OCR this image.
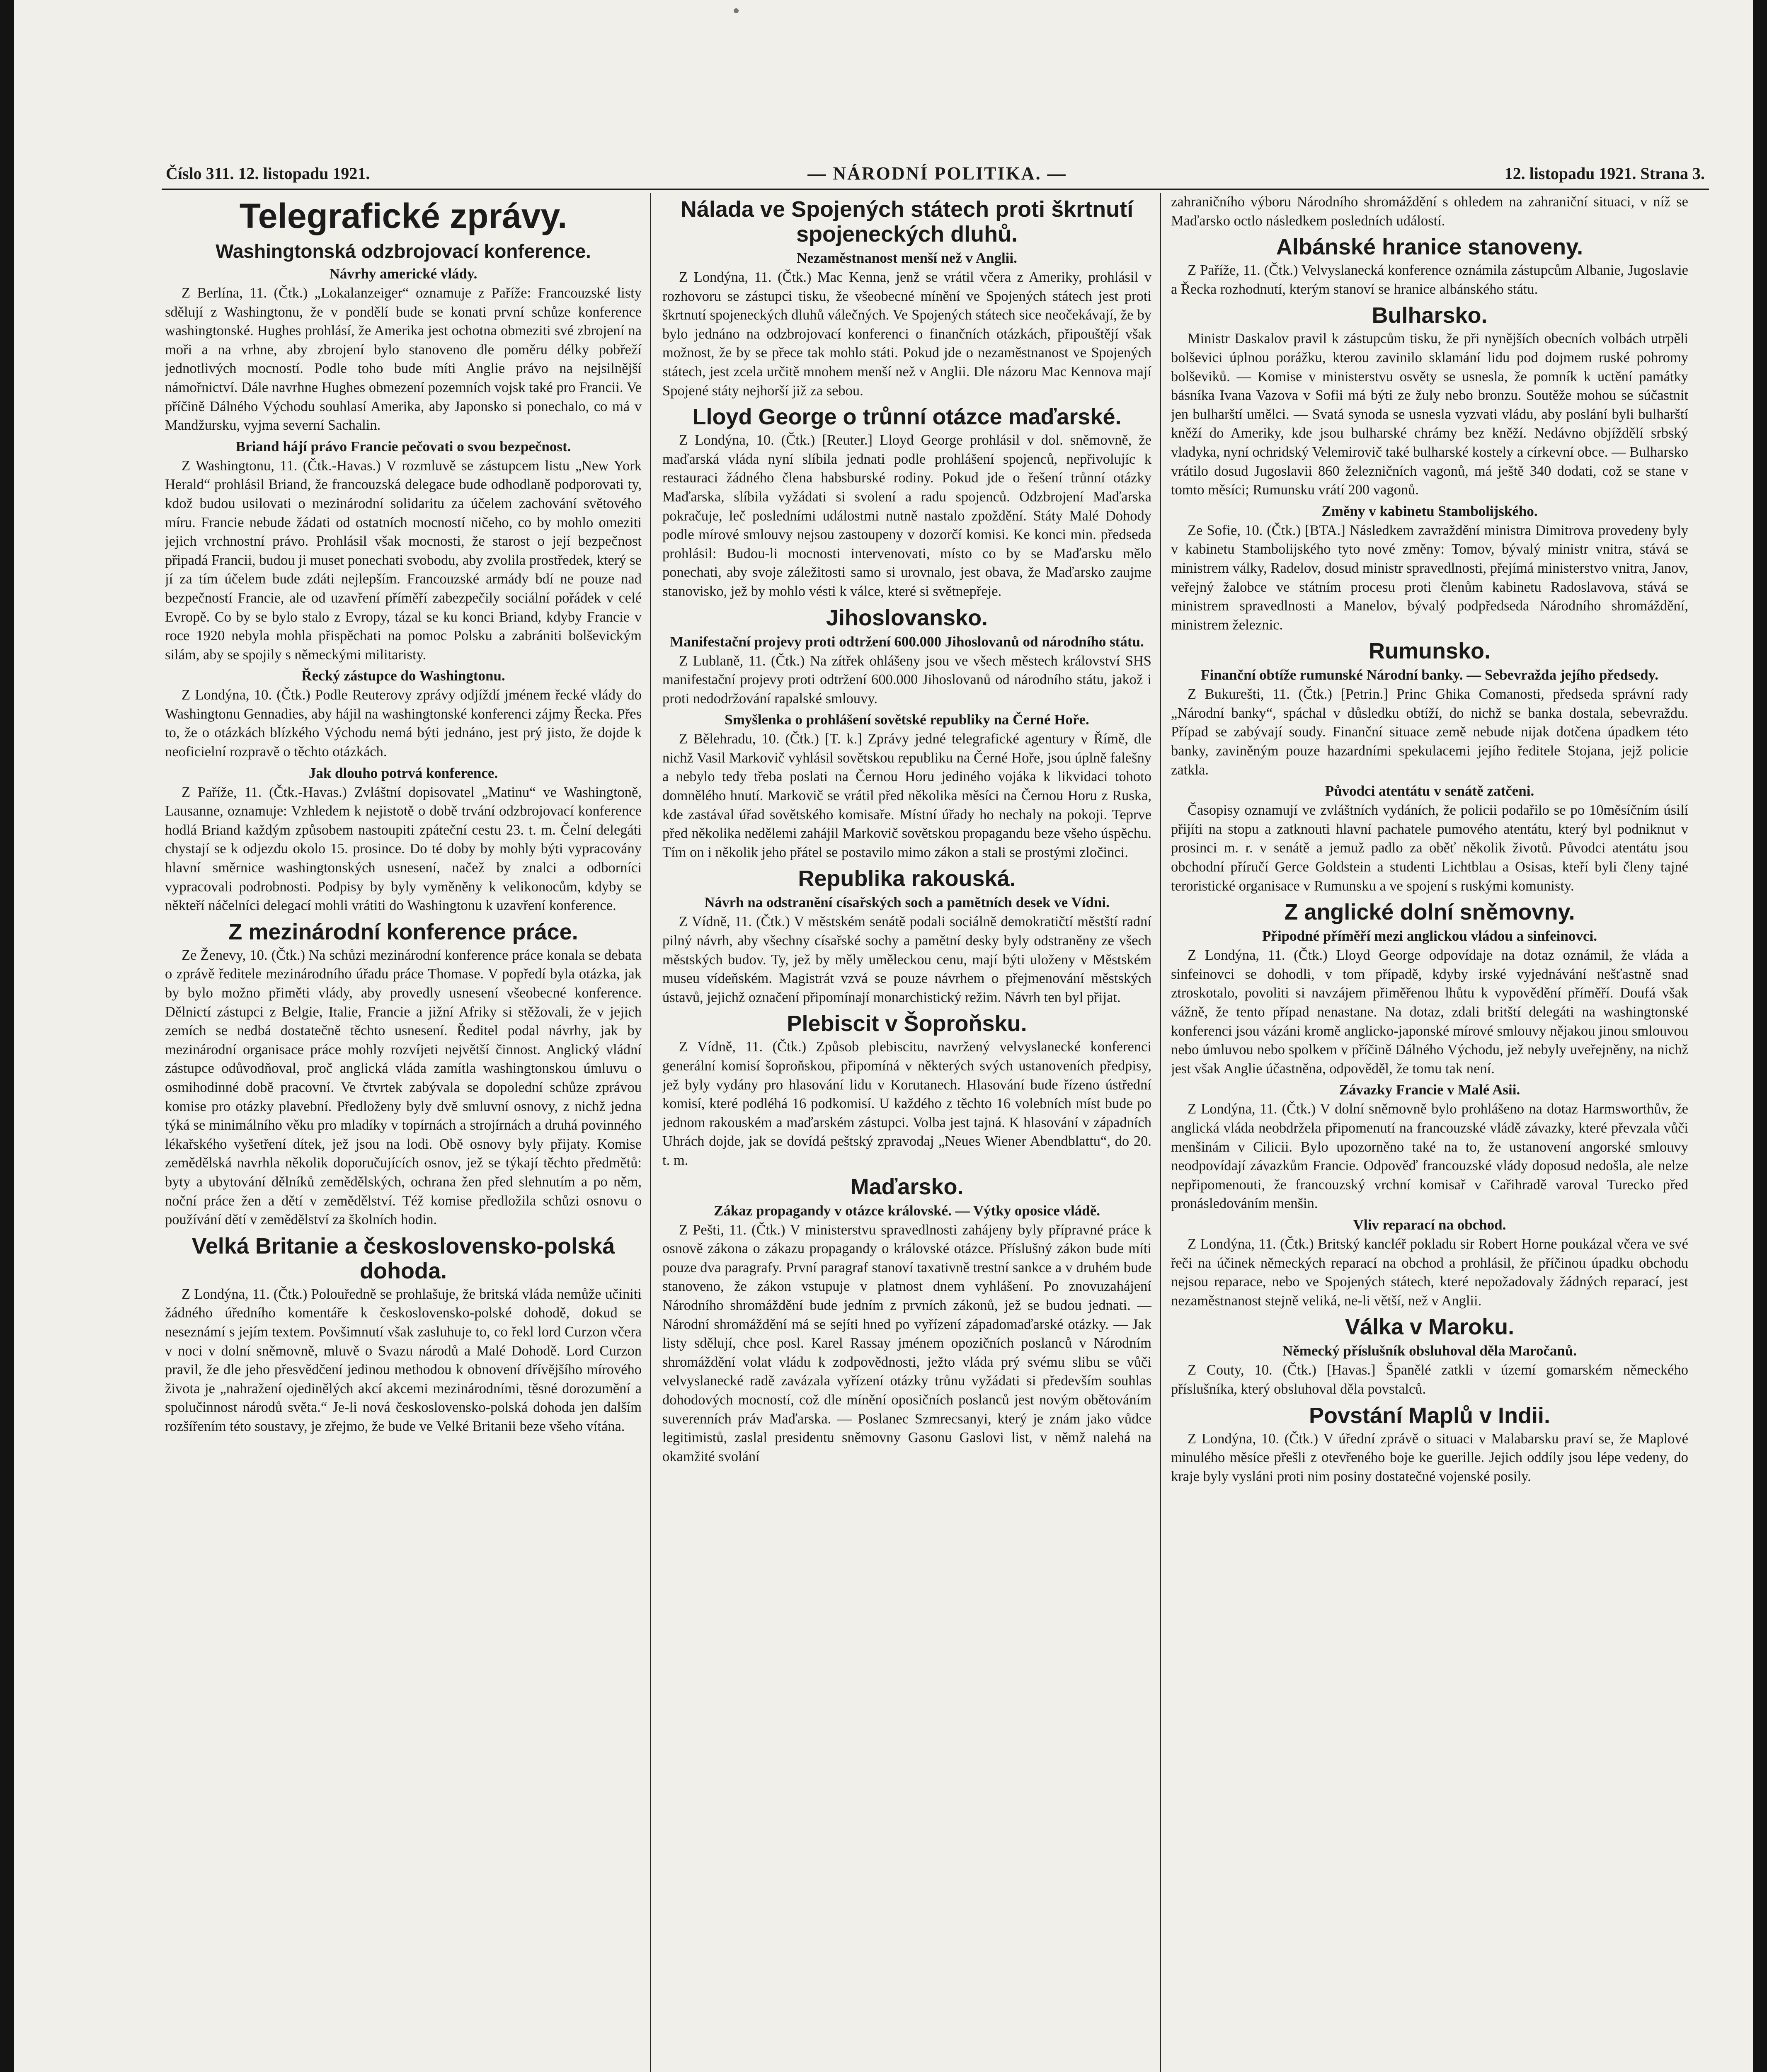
Číslo 311. 12. listopadu 1921.	— NÁRODNÍ POLITIKA. —	12. listopadu 1921. Strana 3.
Telegrafické zprávy.
Washingtonská odzbrojovací konference.
Návrhy americké vlády.

Z Berlína, 11. (Čtk.) „Lokalanzeiger“ oznamuje z Paříže: Francouzské listy sdělují z Washingtonu, že v pondělí bude se konati první schůze konference washingtonské. Hughes prohlásí, že Amerika jest ochotna obmeziti své zbrojení na moři a na vrhne, aby zbrojení bylo stanoveno dle poměru délky pobřeží jednotlivých mocností. Podle toho bude míti Anglie právo na nejsilnější námořnictví. Dále navrhne Hughes obmezení pozemních vojsk také pro Francii. Ve příčině Dálného Východu souhlasí Amerika, aby Japonsko si ponechalo, co má v Mandžursku, vyjma severní Sachalin.

Briand hájí právo Francie pečovati o svou bezpečnost.

Z Washingtonu, 11. (Čtk.-Havas.) V rozmluvě se zástupcem listu „New York Herald“ prohlásil Briand, že francouzská delegace bude odhodlaně podporovati ty, kdož budou usilovati o mezinárodní solidaritu za účelem zachování světového míru. Francie nebude žádati od ostatních mocností ničeho, co by mohlo omeziti jejich vrchnostní právo. Prohlásil však mocnosti, že starost o její bezpečnost připadá Francii, budou ji muset ponechati svobodu, aby zvolila prostředek, který se jí za tím účelem bude zdáti nejlepším. Francouzské armády bdí ne pouze nad bezpečností Francie, ale od uzavření příměří zabezpečily sociální pořádek v celé Evropě. Co by se bylo stalo z Evropy, tázal se ku konci Briand, kdyby Francie v roce 1920 nebyla mohla přispěchati na pomoc Polsku a zabrániti bolševickým silám, aby se spojily s německými militaristy.

Řecký zástupce do Washingtonu.

Z Londýna, 10. (Čtk.) Podle Reuterovy zprávy odjíždí jménem řecké vlády do Washingtonu Gennadies, aby hájil na washingtonské konferenci zájmy Řecka. Přes to, že o otázkách blízkého Východu nemá býti jednáno, jest prý jisto, že dojde k neoficielní rozpravě o těchto otázkách.

Jak dlouho potrvá konference.

Z Paříže, 11. (Čtk.-Havas.) Zvláštní dopisovatel „Matinu“ ve Washingtoně, Lausanne, oznamuje: Vzhledem k nejistotě o době trvání odzbrojovací konference hodlá Briand každým způsobem nastoupiti zpáteční cestu 23. t. m. Čelní delegáti chystají se k odjezdu okolo 15. prosince. Do té doby by mohly býti vypracovány hlavní směrnice washingtonských usnesení, načež by znalci a odborníci vypracovali podrobnosti. Podpisy by byly vyměněny k velikonocům, kdyby se někteří náčelníci delegací mohli vrátiti do Washingtonu k uzavření konference.

Z mezinárodní konference práce.

Ze Ženevy, 10. (Čtk.) Na schůzi mezinárodní konference práce konala se debata o zprávě ředitele mezinárodního úřadu práce Thomase. V popředí byla otázka, jak by bylo možno přiměti vlády, aby provedly usnesení všeobecné konference. Dělnictí zástupci z Belgie, Italie, Francie a jižní Afriky si stěžovali, že v jejich zemích se nedbá dostatečně těchto usnesení. Ředitel podal návrhy, jak by mezinárodní organisace práce mohly rozvíjeti největší činnost. Anglický vládní zástupce odůvodňoval, proč anglická vláda zamítla washingtonskou úmluvu o osmihodinné době pracovní. Ve čtvrtek zabývala se dopolední schůze zprávou komise pro otázky plavební. Předloženy byly dvě smluvní osnovy, z nichž jedna týká se minimálního věku pro mladíky v topírnách a strojírnách a druhá povinného lékařského vyšetření dítek, jež jsou na lodi. Obě osnovy byly přijaty. Komise zemědělská navrhla několik doporučujících osnov, jež se týkají těchto předmětů: byty a ubytování dělníků zemědělských, ochrana žen před slehnutím a po něm, noční práce žen a dětí v zemědělství. Též komise předložila schůzi osnovu o používání dětí v zemědělství za školních hodin.

Velká Britanie a československo-polská dohoda.

Z Londýna, 11. (Čtk.) Polouředně se prohlašuje, že britská vláda nemůže učiniti žádného úředního komentáře k československo-polské dohodě, dokud se neseznámí s jejím textem. Povšimnutí však zasluhuje to, co řekl lord Curzon včera v noci v dolní sněmovně, mluvě o Svazu národů a Malé Dohodě. Lord Curzon pravil, že dle jeho přesvědčení jedinou methodou k obnovení dřívějšího mírového života je „nahražení ojedinělých akcí akcemi mezinárodními, těsné dorozumění a spolučinnost národů světa.“ Je-li nová československo-polská dohoda jen dalším rozšířením této soustavy, je zřejmo, že bude ve Velké Britanii beze všeho vítána.

Nálada ve Spojených státech proti škrtnutí spojeneckých dluhů.
Nezaměstnanost menší než v Anglii.

Z Londýna, 11. (Čtk.) Mac Kenna, jenž se vrátil včera z Ameriky, prohlásil v rozhovoru se zástupci tisku, že všeobecné mínění ve Spojených státech jest proti škrtnutí spojeneckých dluhů válečných. Ve Spojených státech sice neočekávají, že by bylo jednáno na odzbrojovací konferenci o finančních otázkách, připouštějí však možnost, že by se přece tak mohlo státi. Pokud jde o nezaměstnanost ve Spojených státech, jest zcela určitě mnohem menší než v Anglii. Dle názoru Mac Kennova mají Spojené státy nejhorší již za sebou.

Lloyd George o trůnní otázce maďarské.

Z Londýna, 10. (Čtk.) [Reuter.] Lloyd George prohlásil v dol. sněmovně, že maďarská vláda nyní slíbila jednati podle prohlášení spojenců, nepřivolujíc k restauraci žádného člena habsburské rodiny. Pokud jde o řešení trůnní otázky Maďarska, slíbila vyžádati si svolení a radu spojenců. Odzbrojení Maďarska pokračuje, leč posledními událostmi nutně nastalo zpoždění. Státy Malé Dohody podle mírové smlouvy nejsou zastoupeny v dozorčí komisi. Ke konci min. předseda prohlásil: Budou-li mocnosti intervenovati, místo co by se Maďarsku mělo ponechati, aby svoje záležitosti samo si urovnalo, jest obava, že Maďarsko zaujme stanovisko, jež by mohlo vésti k válce, které si světnepřeje.

Jihoslovansko.
Manifestační projevy proti odtržení 600.000 Jihoslovanů od národního státu.

Z Lublaně, 11. (Čtk.) Na zítřek ohlášeny jsou ve všech městech království SHS manifestační projevy proti odtržení 600.000 Jihoslovanů od národního státu, jakož i proti nedodržování rapalské smlouvy.

Smyšlenka o prohlášení sovětské republiky na Černé Hoře.

Z Bělehradu, 10. (Čtk.) [T. k.] Zprávy jedné telegrafické agentury v Římě, dle nichž Vasil Markovič vyhlásil sovětskou republiku na Černé Hoře, jsou úplně falešny a nebylo tedy třeba poslati na Černou Horu jediného vojáka k likvidaci tohoto domnělého hnutí. Markovič se vrátil před několika měsíci na Černou Horu z Ruska, kde zastával úřad sovětského komisaře. Místní úřady ho nechaly na pokoji. Teprve před několika nedělemi zahájil Markovič sovětskou propagandu beze všeho úspěchu. Tím on i několik jeho přátel se postavilo mimo zákon a stali se prostými zločinci.

Republika rakouská.
Návrh na odstranění císařských soch a pamětních desek ve Vídni.

Z Vídně, 11. (Čtk.) V městském senátě podali sociálně demokratičtí městští radní pilný návrh, aby všechny císařské sochy a pamětní desky byly odstraněny ze všech městských budov. Ty, jež by měly uměleckou cenu, mají býti uloženy v Městském museu vídeňském. Magistrát vzvá se pouze návrhem o přejmenování městských ústavů, jejichž označení připomínají monarchistický režim. Návrh ten byl přijat.

Plebiscit v Šoproňsku.

Z Vídně, 11. (Čtk.) Způsob plebiscitu, navržený velvyslanecké konferenci generální komisí šoproňskou, připomíná v některých svých ustanoveních předpisy, jež byly vydány pro hlasování lidu v Korutanech. Hlasování bude řízeno ústřední komisí, které podléhá 16 podkomisí. U každého z těchto 16 volebních míst bude po jednom rakouském a maďarském zástupci. Volba jest tajná. K hlasování v západních Uhrách dojde, jak se dovídá peštský zpravodaj „Neues Wiener Abendblattu“, do 20. t. m.

Maďarsko.
Zákaz propagandy v otázce královské. — Výtky oposice vládě.

Z Pešti, 11. (Čtk.) V ministerstvu spravedlnosti zahájeny byly přípravné práce k osnově zákona o zákazu propagandy o královské otázce. Příslušný zákon bude míti pouze dva paragrafy. První paragraf stanoví taxativně trestní sankce a v druhém bude stanoveno, že zákon vstupuje v platnost dnem vyhlášení. Po znovuzahájení Národního shromáždění bude jedním z prvních zákonů, jež se budou jednati. — Národní shromáždění má se sejíti hned po vyřízení západomaďarské otázky. — Jak listy sdělují, chce posl. Karel Rassay jménem opozičních poslanců v Národním shromáždění volat vládu k zodpovědnosti, ježto vláda prý svému slibu se vůči velvyslanecké radě zavázala vyřízení otázky trůnu vyžádati si především souhlas dohodových mocností, což dle mínění oposičních poslanců jest novým obětováním suverenních práv Maďarska. — Poslanec Szmrecsanyi, který je znám jako vůdce legitimistů, zaslal presidentu sněmovny Gasonu Gaslovi list, v němž nalehá na okamžité svolání

zahraničního výboru Národního shromáždění s ohledem na zahraniční situaci, v níž se Maďarsko octlo následkem posledních událostí.

Albánské hranice stanoveny.

Z Paříže, 11. (Čtk.) Velvyslanecká konference oznámila zástupcům Albanie, Jugoslavie a Řecka rozhodnutí, kterým stanoví se hranice albánského státu.

Bulharsko.

Ministr Daskalov pravil k zástupcům tisku, že při nynějších obecních volbách utrpěli bolševici úplnou porážku, kterou zavinilo sklamání lidu pod dojmem ruské pohromy bolševiků. — Komise v ministerstvu osvěty se usnesla, že pomník k uctění památky básníka Ivana Vazova v Sofii má býti ze žuly nebo bronzu. Soutěže mohou se súčastnit jen bulharští umělci. — Svatá synoda se usnesla vyzvati vládu, aby poslání byli bulharští kněží do Ameriky, kde jsou bulharské chrámy bez kněží. Nedávno objíždělí srbský vladyka, nyní ochridský Velemirovič také bulharské kostely a církevní obce. — Bulharsko vrátilo dosud Jugoslavii 860 železničních vagonů, má ještě 340 dodati, což se stane v tomto měsíci; Rumunsku vrátí 200 vagonů.

Změny v kabinetu Stambolijského.

Ze Sofie, 10. (Čtk.) [BTA.] Následkem zavraždění ministra Dimitrova provedeny byly v kabinetu Stambolijského tyto nové změny: Tomov, bývalý ministr vnitra, stává se ministrem války, Radelov, dosud ministr spravedlnosti, přejímá ministerstvo vnitra, Janov, veřejný žalobce ve státním procesu proti členům kabinetu Radoslavova, stává se ministrem spravedlnosti a Manelov, bývalý podpředseda Národního shromáždění, ministrem železnic.

Rumunsko.
Finanční obtíže rumunské Národní banky. — Sebevražda jejího předsedy.

Z Bukurešti, 11. (Čtk.) [Petrin.] Princ Ghika Comanosti, předseda správní rady „Národní banky“, spáchal v důsledku obtíží, do nichž se banka dostala, sebevraždu. Případ se zabývají soudy. Finanční situace země nebude nijak dotčena úpadkem této banky, zaviněným pouze hazardními spekulacemi jejího ředitele Stojana, jejž policie zatkla.

Původci atentátu v senátě zatčeni.

Časopisy oznamují ve zvláštních vydáních, že policii podařilo se po 10měsíčním úsilí přijíti na stopu a zatknouti hlavní pachatele pumového atentátu, který byl podniknut v prosinci m. r. v senátě a jemuž padlo za oběť několik životů. Původci atentátu jsou obchodní příručí Gerce Goldstein a studenti Lichtblau a Osisas, kteří byli členy tajné teroristické organisace v Rumunsku a ve spojení s ruskými komunisty.

Z anglické dolní sněmovny.
Připodné příměří mezi anglickou vládou a sinfeinovci.

Z Londýna, 11. (Čtk.) Lloyd George odpovídaje na dotaz oznámil, že vláda a sinfeinovci se dohodli, v tom případě, kdyby irské vyjednávání nešťastně snad ztroskotalo, povoliti si navzájem přiměřenou lhůtu k vypovědění příměří. Doufá však vážně, že tento případ nenastane. Na dotaz, zdali britští delegáti na washingtonské konferenci jsou vázáni kromě anglicko-japonské mírové smlouvy nějakou jinou smlouvou nebo úmluvou nebo spolkem v příčině Dálného Východu, jež nebyly uveřejněny, na nichž jest však Anglie účastněna, odpověděl, že tomu tak není.

Závazky Francie v Malé Asii.

Z Londýna, 11. (Čtk.) V dolní sněmovně bylo prohlášeno na dotaz Harmsworthův, že anglická vláda neobdržela připomenutí na francouzské vládě závazky, které převzala vůči menšinám v Cilicii. Bylo upozorněno také na to, že ustanovení angorské smlouvy neodpovídají závazkům Francie. Odpověď francouzské vlády doposud nedošla, ale nelze nepřipomenouti, že francouzský vrchní komisař v Cařihradě varoval Turecko před pronásledováním menšin.

Vliv reparací na obchod.

Z Londýna, 11. (Čtk.) Britský kancléř pokladu sir Robert Horne poukázal včera ve své řeči na účinek německých reparací na obchod a prohlásil, že příčinou úpadku obchodu nejsou reparace, nebo ve Spojených státech, které nepožadovaly žádných reparací, jest nezaměstnanost stejně veliká, ne-li větší, než v Anglii.

Válka v Maroku.
Německý příslušník obsluhoval děla Maročanů.

Z Couty, 10. (Čtk.) [Havas.] Španělé zatkli v území gomarském německého příslušníka, který obsluhoval děla povstalců.

Povstání Maplů v Indii.

Z Londýna, 10. (Čtk.) V úřední zprávě o situaci v Malabarsku praví se, že Maplové minulého měsíce přešli z otevřeného boje ke guerille. Jejich oddíly jsou lépe vedeny, do kraje byly vysláni proti nim posiny dostatečné vojenské posily.
